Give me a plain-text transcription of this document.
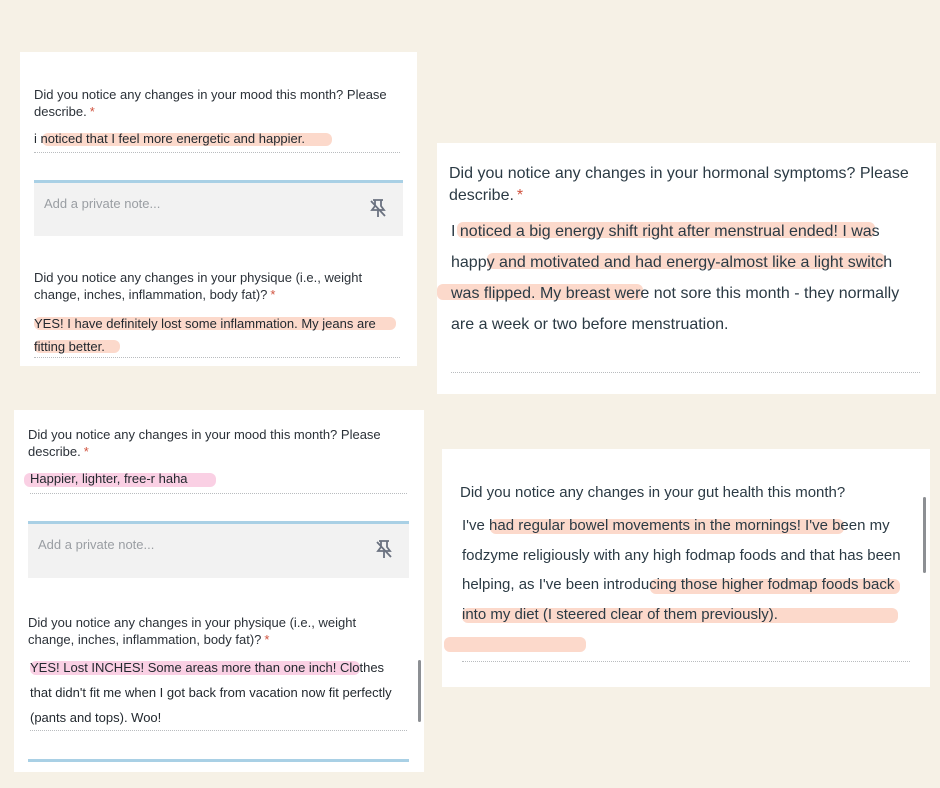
Did you notice any changes in your mood this month? Please describe. *
i noticed that I feel more energetic and happier.
Add a private note...
Did you notice any changes in your physique (i.e., weight change, inches, inflammation, body fat)? *
YES! I have definitely lost some inflammation. My jeans are fitting better.
Did you notice any changes in your hormonal symptoms? Please describe. *
I noticed a big energy shift right after menstrual ended! I was happy and motivated and had energy-almost like a light switch was flipped. My breast were not sore this month - they normally are a week or two before menstruation.
Did you notice any changes in your mood this month? Please describe. *
Happier, lighter, free-r haha
Add a private note...
Did you notice any changes in your physique (i.e., weight change, inches, inflammation, body fat)? *
YES! Lost INCHES! Some areas more than one inch! Clothes that didn't fit me when I got back from vacation now fit perfectly (pants and tops). Woo!
Did you notice any changes in your gut health this month?
I've had regular bowel movements in the mornings! I've been my fodzyme religiously with any high fodmap foods and that has been helping, as I've been introducing those higher fodmap foods back into my diet (I steered clear of them previously).
